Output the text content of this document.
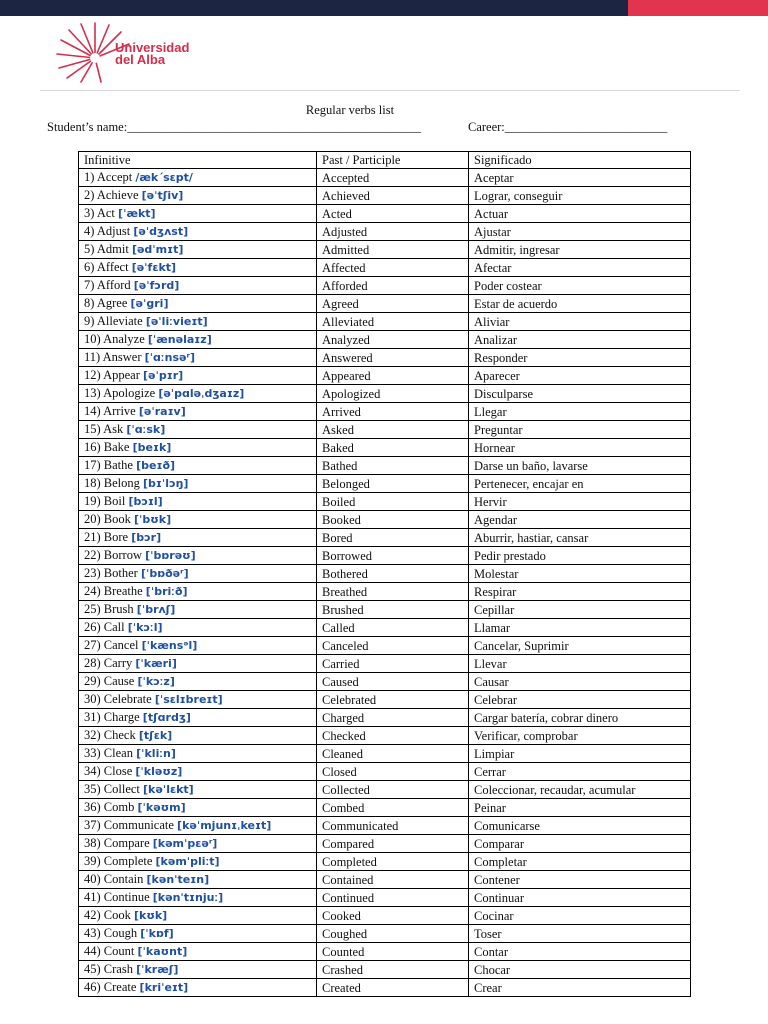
Universidad
del Alba
Regular verbs list
Student’s name:_______________________________________________	Career:__________________________
Infinitive	Past / Participle	Significado
1) Accept /æk΄sɛpt/	Accepted	Aceptar
2) Achieve [əˈtʃiv]	Achieved	Lograr, conseguir
3) Act [ˈækt]	Acted	Actuar
4) Adjust [əˈdʒʌst]	Adjusted	Ajustar
5) Admit [ədˈmɪt]	Admitted	Admitir, ingresar
6) Affect [əˈfɛkt]	Affected	Afectar
7) Afford [əˈfɔrd]	Afforded	Poder costear
8) Agree [əˈgri]	Agreed	Estar de acuerdo
9) Alleviate [əˈliːvieɪt]	Alleviated	Aliviar
10) Analyze [ˈænəlaɪz]	Analyzed	Analizar
11) Answer [ˈɑːnsəʳ]	Answered	Responder
12) Appear [əˈpɪr]	Appeared	Aparecer
13) Apologize [əˈpɑləˌdʒaɪz]	Apologized	Disculparse
14) Arrive [əˈraɪv]	Arrived	Llegar
15) Ask [ˈɑːsk]	Asked	Preguntar
16) Bake [beɪk]	Baked	Hornear
17) Bathe [beɪð]	Bathed	Darse un baño, lavarse
18) Belong [bɪˈlɔŋ]	Belonged	Pertenecer, encajar en
19) Boil [bɔɪl]	Boiled	Hervir
20) Book [ˈbʊk]	Booked	Agendar
21) Bore [bɔr]	Bored	Aburrir, hastiar, cansar
22) Borrow [ˈbɒrəʊ]	Borrowed	Pedir prestado
23) Bother [ˈbɒðəʳ]	Bothered	Molestar
24) Breathe [ˈbriːð]	Breathed	Respirar
25) Brush [ˈbrʌʃ]	Brushed	Cepillar
26) Call [ˈkɔːl]	Called	Llamar
27) Cancel [ˈkænsᵊl]	Canceled	Cancelar, Suprimir
28) Carry [ˈkæri]	Carried	Llevar
29) Cause [ˈkɔːz]	Caused	Causar
30) Celebrate [ˈsɛlɪbreɪt]	Celebrated	Celebrar
31) Charge [tʃɑrdʒ]	Charged	Cargar batería, cobrar dinero
32) Check [tʃɛk]	Checked	Verificar, comprobar
33) Clean [ˈkliːn]	Cleaned	Limpiar
34) Close [ˈkləʊz]	Closed	Cerrar
35) Collect [kəˈlɛkt]	Collected	Coleccionar, recaudar, acumular
36) Comb [ˈkəʊm]	Combed	Peinar
37) Communicate [kəˈmjunɪˌkeɪt]	Communicated	Comunicarse
38) Compare [kəmˈpɛəʳ]	Compared	Comparar
39) Complete [kəmˈpliːt]	Completed	Completar
40) Contain [kənˈteɪn]	Contained	Contener
41) Continue [kənˈtɪnjuː]	Continued	Continuar
42) Cook [kʊk]	Cooked	Cocinar
43) Cough [ˈkɒf]	Coughed	Toser
44) Count [ˈkaʊnt]	Counted	Contar
45) Crash [ˈkræʃ]	Crashed	Chocar
46) Create [kriˈeɪt]	Created	Crear
